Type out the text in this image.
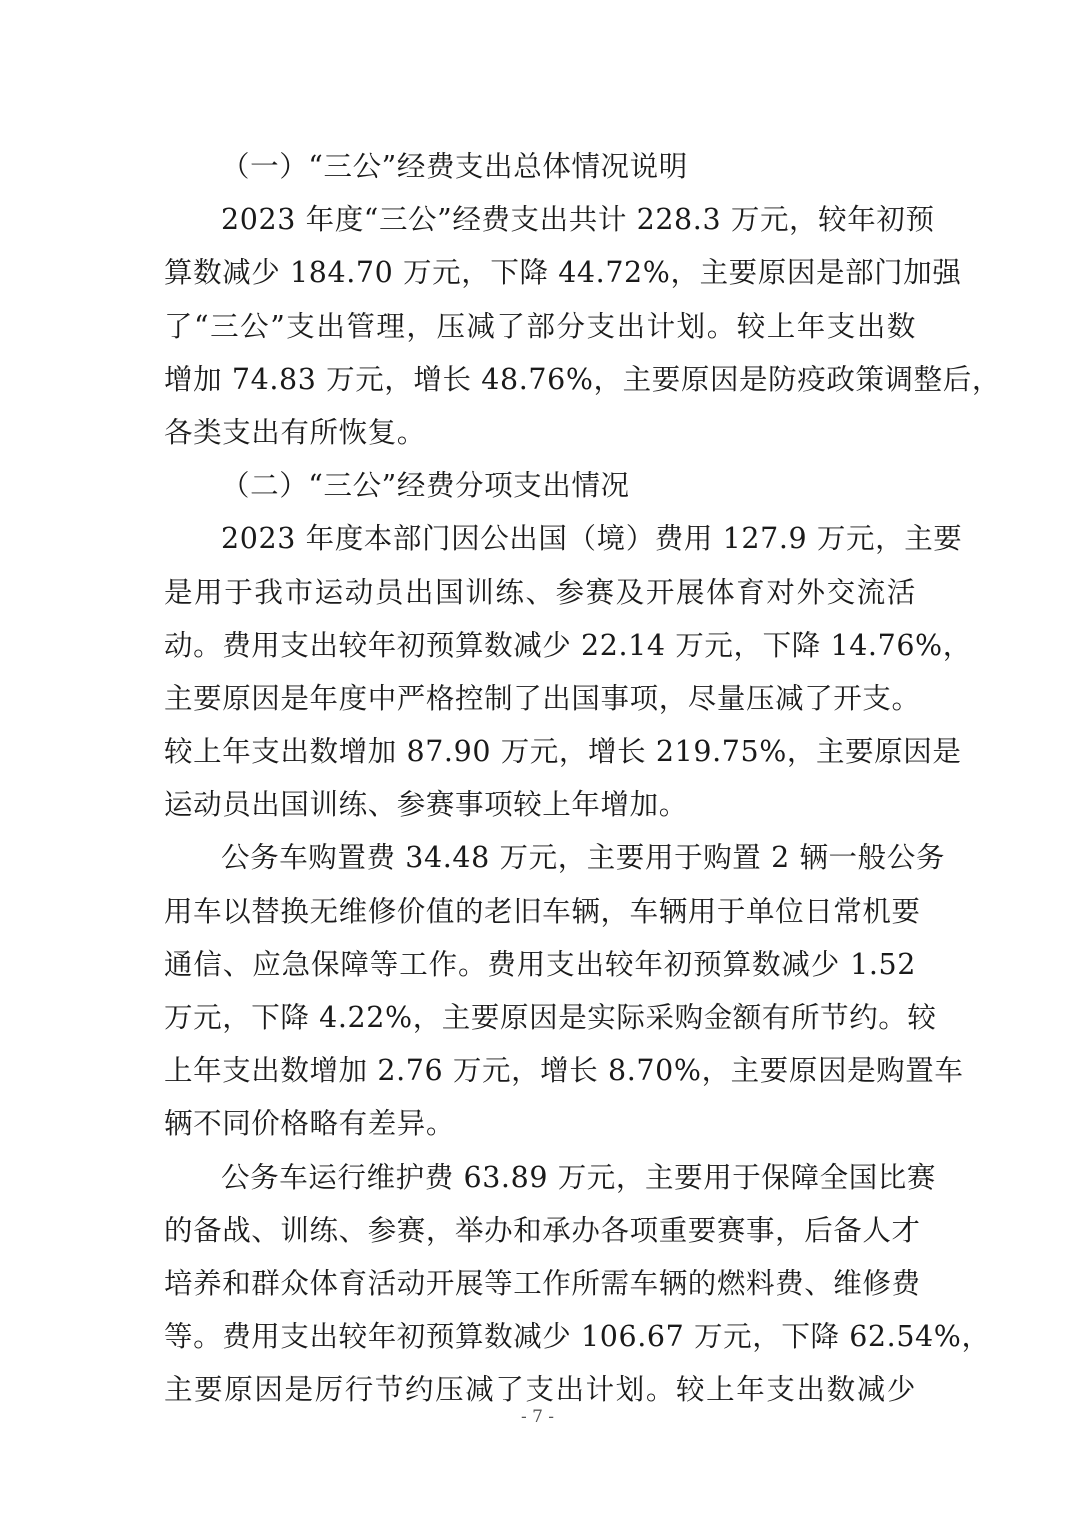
（一）“三公”经费支出总体情况说明
2023 年度“三公”经费支出共计 228.3 万元，较年初预
算数减少 184.70 万元，下降 44.72%，主要原因是部门加强
了“三公”支出管理，压减了部分支出计划。较上年支出数
增加 74.83 万元，增长 48.76%，主要原因是防疫政策调整后，
各类支出有所恢复。
（二）“三公”经费分项支出情况
2023 年度本部门因公出国（境）费用 127.9 万元，主要
是用于我市运动员出国训练、参赛及开展体育对外交流活
动。费用支出较年初预算数减少 22.14 万元，下降 14.76%，
主要原因是年度中严格控制了出国事项，尽量压减了开支。
较上年支出数增加 87.90 万元，增长 219.75%，主要原因是
运动员出国训练、参赛事项较上年增加。
公务车购置费 34.48 万元，主要用于购置 2 辆一般公务
用车以替换无维修价值的老旧车辆，车辆用于单位日常机要
通信、应急保障等工作。费用支出较年初预算数减少 1.52
万元，下降 4.22%，主要原因是实际采购金额有所节约。较
上年支出数增加 2.76 万元，增长 8.70%，主要原因是购置车
辆不同价格略有差异。
公务车运行维护费 63.89 万元，主要用于保障全国比赛
的备战、训练、参赛，举办和承办各项重要赛事，后备人才
培养和群众体育活动开展等工作所需车辆的燃料费、维修费
等。费用支出较年初预算数减少 106.67 万元，下降 62.54%，
主要原因是厉行节约压减了支出计划。较上年支出数减少
- 7 -
